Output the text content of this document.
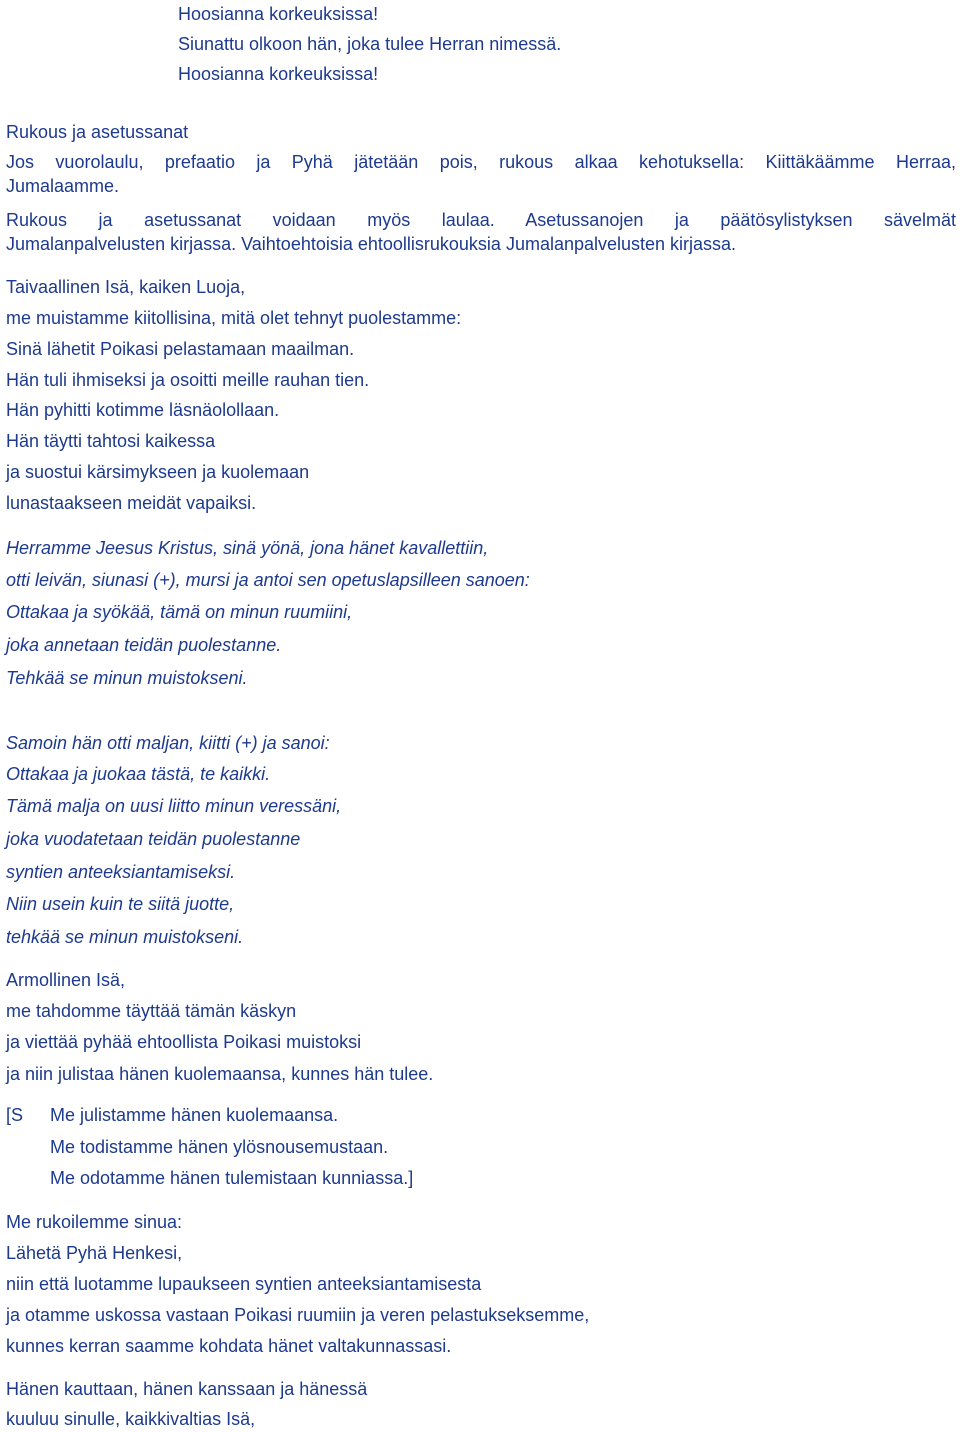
Hoosianna korkeuksissa!
Siunattu olkoon hän, joka tulee Herran nimessä.
Hoosianna korkeuksissa!
Rukous ja asetussanat
Jos vuorolaulu, prefaatio ja Pyhä jätetään pois, rukous alkaa kehotuksella: Kiittäkäämme Herraa,
Jumalaamme.
Rukous ja asetussanat voidaan myös laulaa. Asetussanojen ja päätösylistyksen sävelmät
Jumalanpalvelusten kirjassa. Vaihtoehtoisia ehtoollisrukouksia Jumalanpalvelusten kirjassa.
Taivaallinen Isä, kaiken Luoja,
me muistamme kiitollisina, mitä olet tehnyt puolestamme:
Sinä lähetit Poikasi pelastamaan maailman.
Hän tuli ihmiseksi ja osoitti meille rauhan tien.
Hän pyhitti kotimme läsnäolollaan.
Hän täytti tahtosi kaikessa
ja suostui kärsimykseen ja kuolemaan
lunastaakseen meidät vapaiksi.
Herramme Jeesus Kristus, sinä yönä, jona hänet kavallettiin,
otti leivän, siunasi (+), mursi ja antoi sen opetuslapsilleen sanoen:
Ottakaa ja syökää, tämä on minun ruumiini,
joka annetaan teidän puolestanne.
Tehkää se minun muistokseni.
Samoin hän otti maljan, kiitti (+) ja sanoi:
Ottakaa ja juokaa tästä, te kaikki.
Tämä malja on uusi liitto minun veressäni,
joka vuodatetaan teidän puolestanne
syntien anteeksiantamiseksi.
Niin usein kuin te siitä juotte,
tehkää se minun muistokseni.
Armollinen Isä,
me tahdomme täyttää tämän käskyn
ja viettää pyhää ehtoollista Poikasi muistoksi
ja niin julistaa hänen kuolemaansa, kunnes hän tulee.
[S Me julistamme hänen kuolemaansa.
Me todistamme hänen ylösnousemustaan.
Me odotamme hänen tulemistaan kunniassa.]
Me rukoilemme sinua:
Lähetä Pyhä Henkesi,
niin että luotamme lupaukseen syntien anteeksiantamisesta
ja otamme uskossa vastaan Poikasi ruumiin ja veren pelastukseksemme,
kunnes kerran saamme kohdata hänet valtakunnassasi.
Hänen kauttaan, hänen kanssaan ja hänessä
kuuluu sinulle, kaikkivaltias Isä,
